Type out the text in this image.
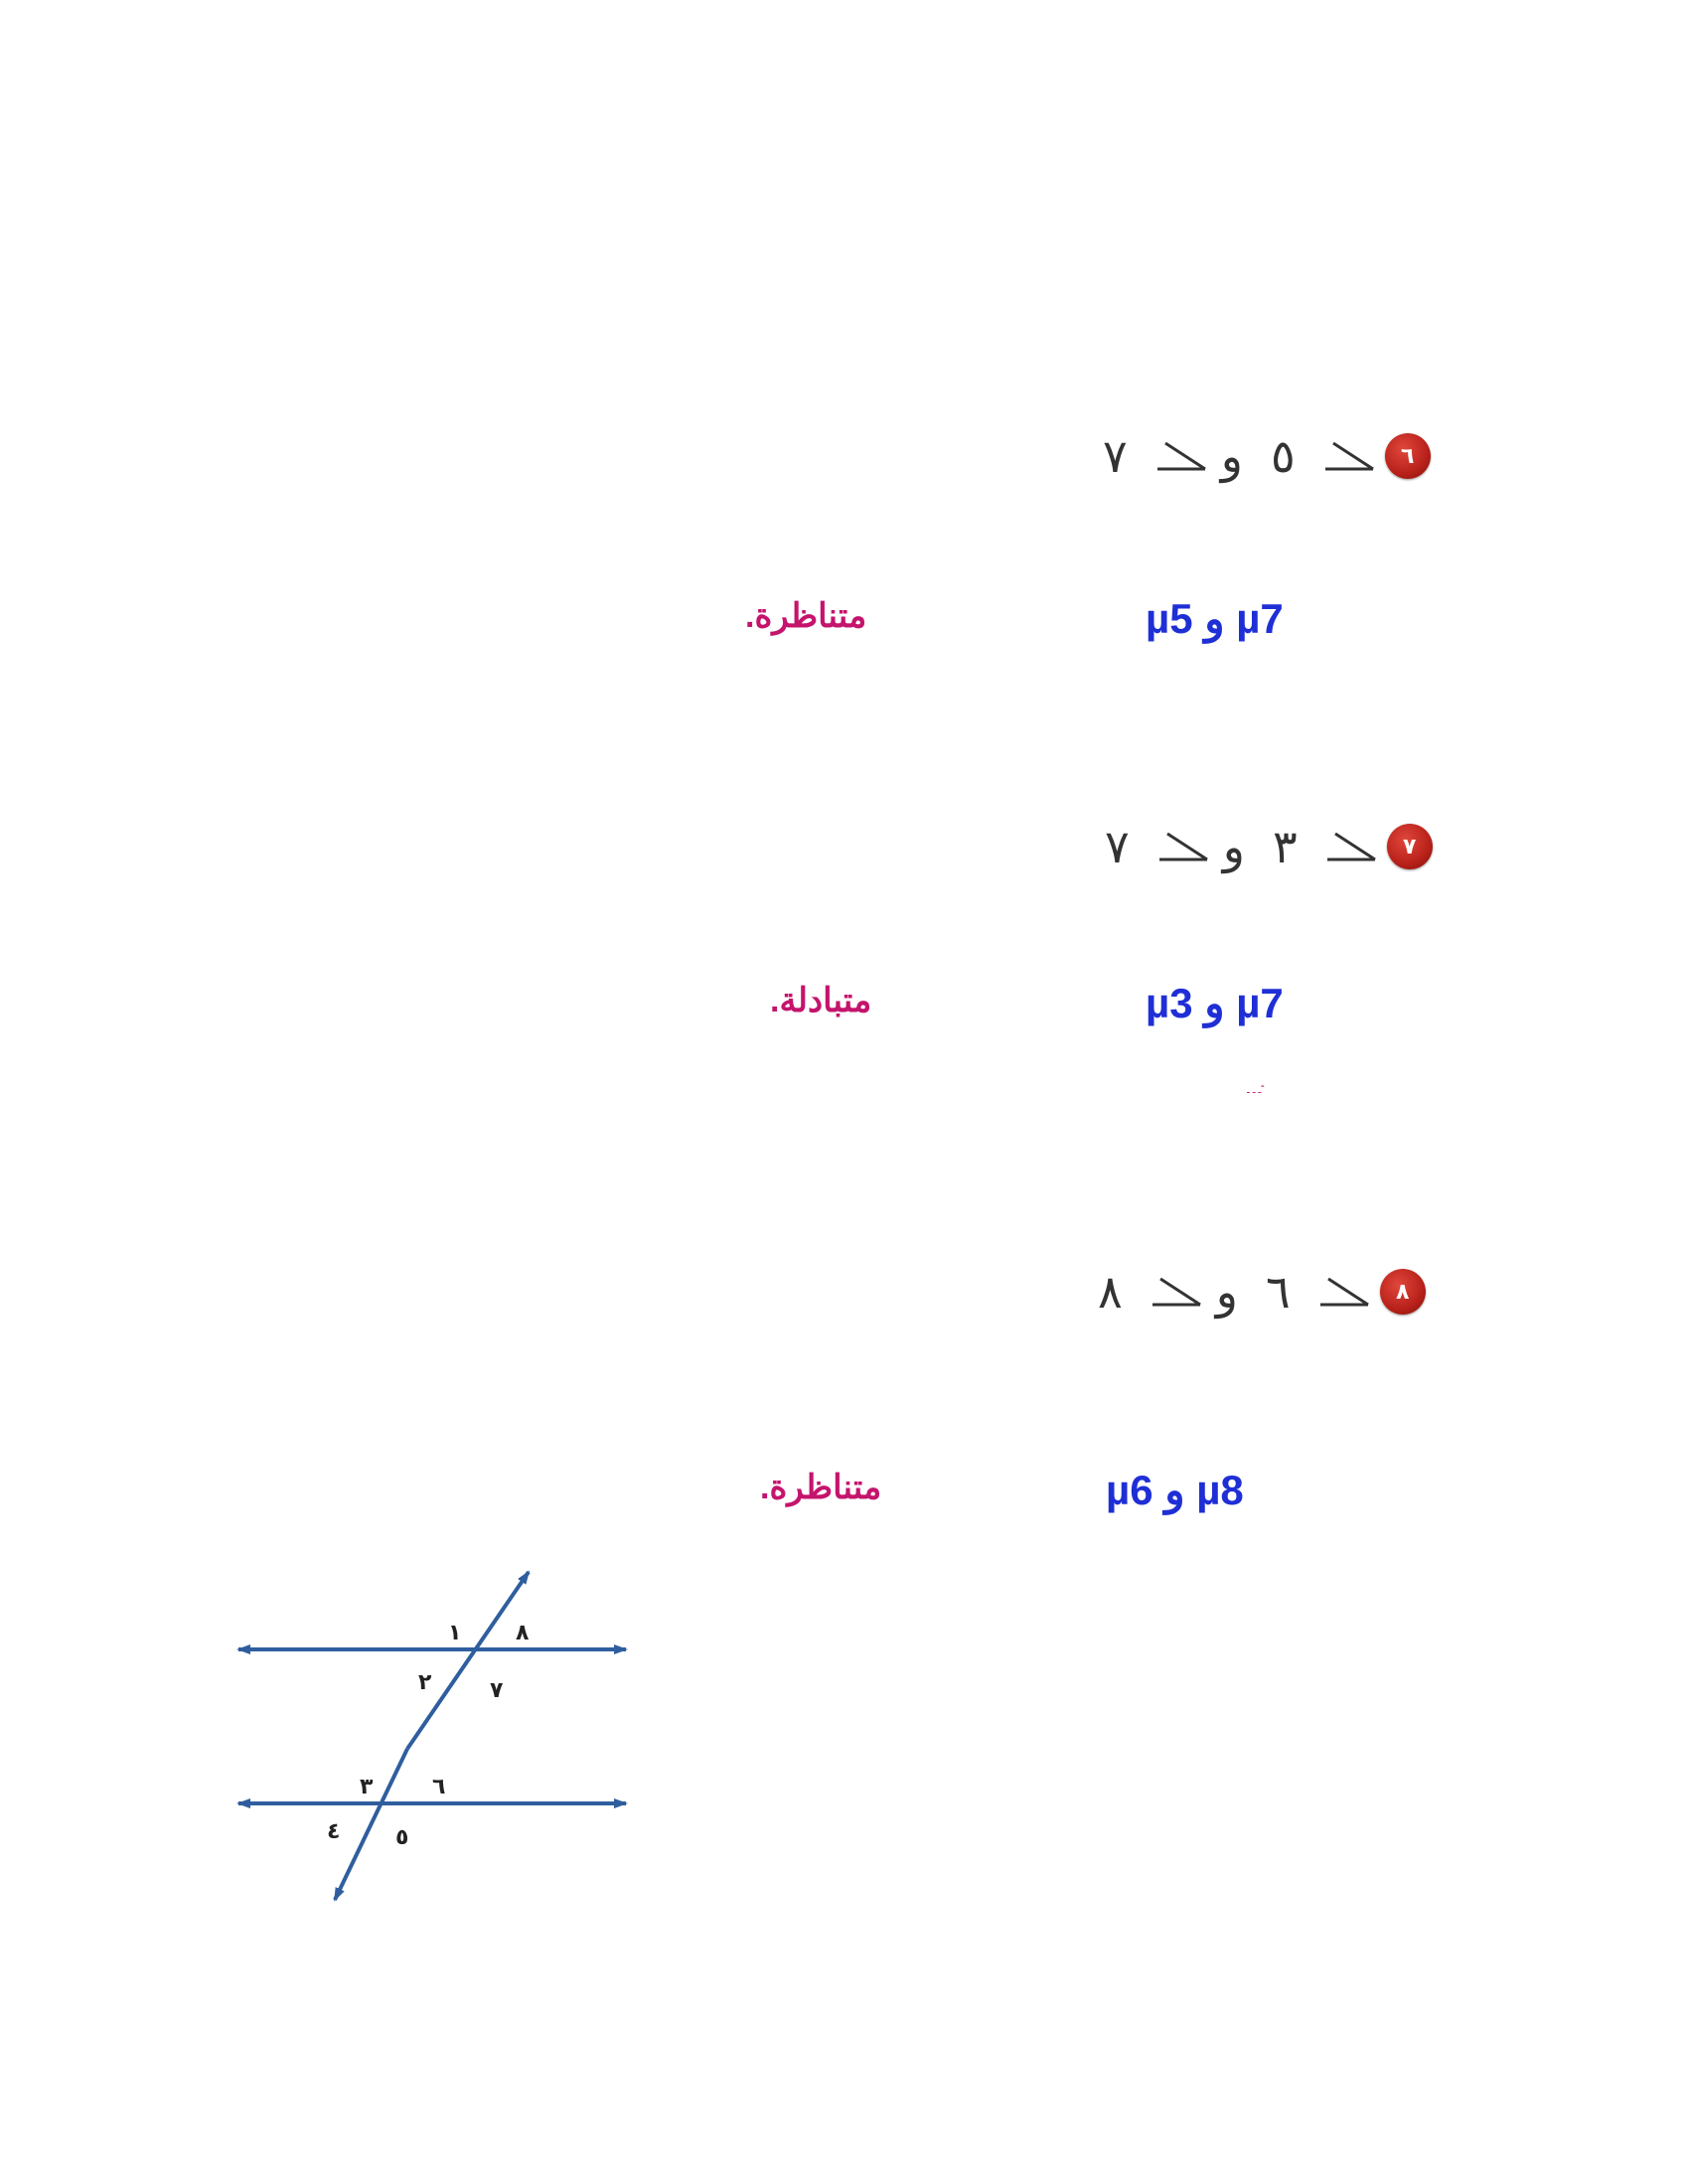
٧ و ٥	٦
µ5 و µ7
متناظرة.
٧ و ٣	٧
µ3 و µ7
متبادلة.
ـ ـ ـ ً
٨ و ٦	٨
µ6 و µ8
متناظرة.
١ ٨
٢	٧
٣	٦
٤	٥
